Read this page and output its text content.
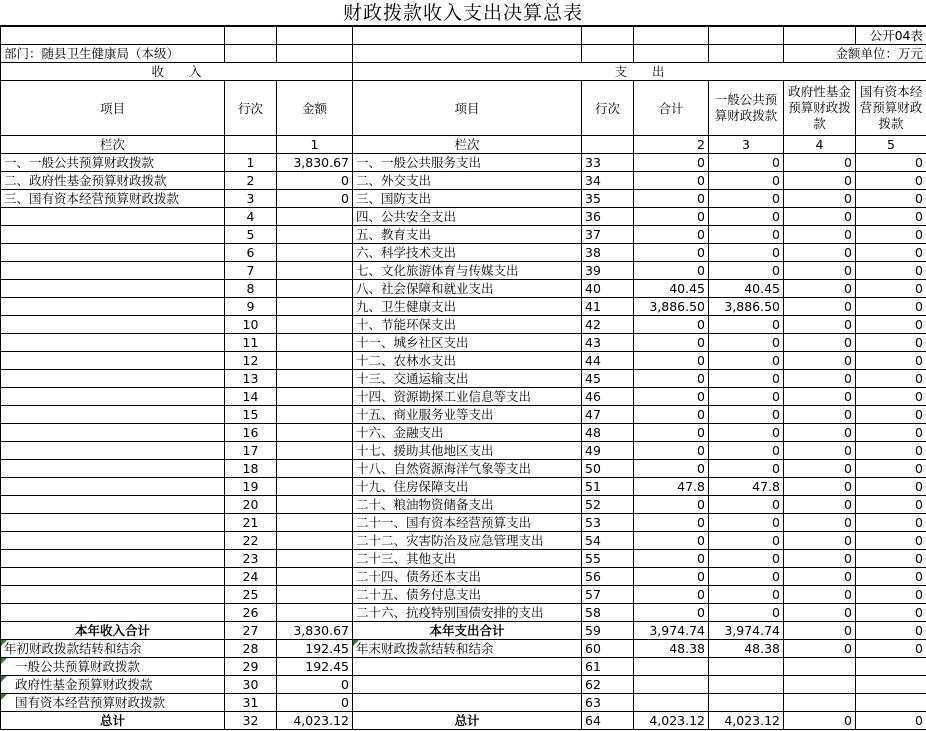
财政拨款收入支出决算总表
								公开04表
部门：随县卫生健康局（本级）							金额单位：万元	
收　　入			支　　出					
项目	行次	金额	项目	行次	合计	一般公共预算财政拨款	政府性基金预算财政拨款	国有资本经营预算财政拨款
栏次		1	栏次		2	3	4	5
一、一般公共预算财政拨款	1	3,830.67	一、一般公共服务支出	33	0	0	0	0
二、政府性基金预算财政拨款	2	0	二、外交支出	34	0	0	0	0
三、国有资本经营预算财政拨款	3	0	三、国防支出	35	0	0	0	0
	4		四、公共安全支出	36	0	0	0	0
	5		五、教育支出	37	0	0	0	0
	6		六、科学技术支出	38	0	0	0	0
	7		七、文化旅游体育与传媒支出	39	0	0	0	0
	8		八、社会保障和就业支出	40	40.45	40.45	0	0
	9		九、卫生健康支出	41	3,886.50	3,886.50	0	0
	10		十、节能环保支出	42	0	0	0	0
	11		十一、城乡社区支出	43	0	0	0	0
	12		十二、农林水支出	44	0	0	0	0
	13		十三、交通运输支出	45	0	0	0	0
	14		十四、资源勘探工业信息等支出	46	0	0	0	0
	15		十五、商业服务业等支出	47	0	0	0	0
	16		十六、金融支出	48	0	0	0	0
	17		十七、援助其他地区支出	49	0	0	0	0
	18		十八、自然资源海洋气象等支出	50	0	0	0	0
	19		十九、住房保障支出	51	47.8	47.8	0	0
	20		二十、粮油物资储备支出	52	0	0	0	0
	21		二十一、国有资本经营预算支出	53	0	0	0	0
	22		二十二、灾害防治及应急管理支出	54	0	0	0	0
	23		二十三、其他支出	55	0	0	0	0
	24		二十四、债务还本支出	56	0	0	0	0
	25		二十五、债务付息支出	57	0	0	0	0
	26		二十六、抗疫特别国债安排的支出	58	0	0	0	0
本年收入合计	27	3,830.67	本年支出合计	59	3,974.74	3,974.74	0	0
年初财政拨款结转和结余	28	192.45	年末财政拨款结转和结余	60	48.38	48.38	0	0
一般公共预算财政拨款	29	192.45		61				
政府性基金预算财政拨款	30	0		62				
国有资本经营预算财政拨款	31	0		63				
总计	32	4,023.12	总计	64	4,023.12	4,023.12	0	0
